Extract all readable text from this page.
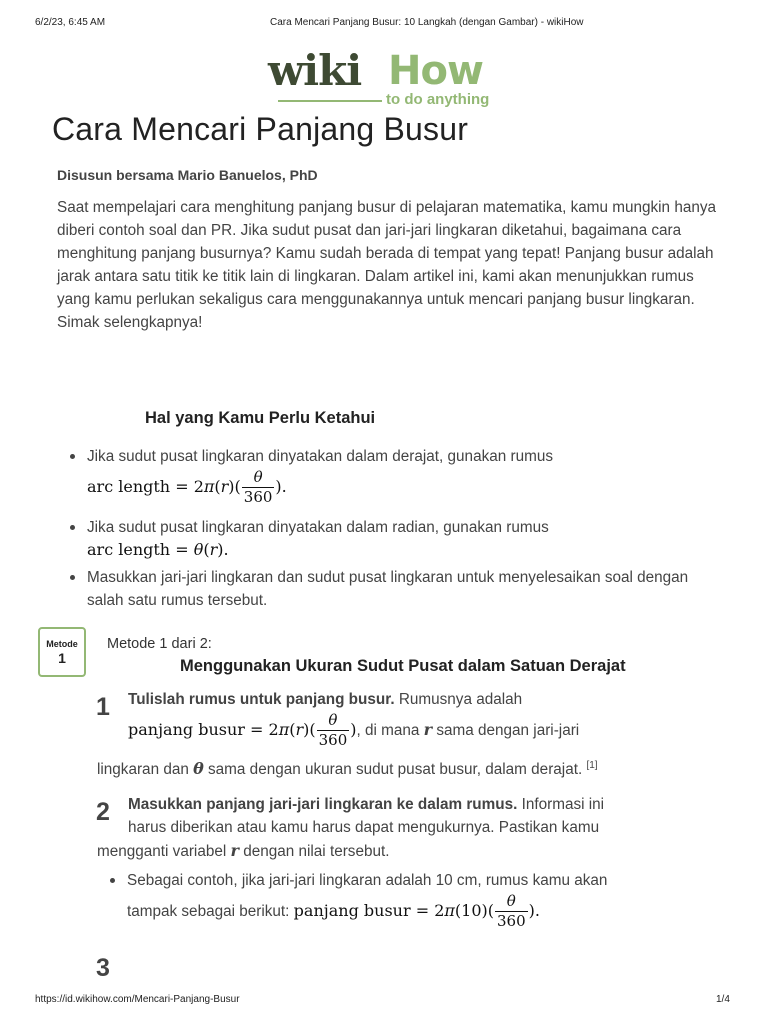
6/2/23, 6:45 AM	Cara Mencari Panjang Busur: 10 Langkah (dengan Gambar) - wikiHow
wiki How
to do anything
Cara Mencari Panjang Busur
Disusun bersama Mario Banuelos, PhD

Saat mempelajari cara menghitung panjang busur di pelajaran matematika, kamu mungkin hanya diberi contoh soal dan PR. Jika sudut pusat dan jari-jari lingkaran diketahui, bagaimana cara menghitung panjang busurnya? Kamu sudah berada di tempat yang tepat! Panjang busur adalah jarak antara satu titik ke titik lain di lingkaran. Dalam artikel ini, kami akan menunjukkan rumus yang kamu perlukan sekaligus cara menggunakannya untuk mencari panjang busur lingkaran. Simak selengkapnya!

Hal yang Kamu Perlu Ketahui
Jika sudut pusat lingkaran dinyatakan dalam derajat, gunakan rumus
arc length = $2\pi(r)( \frac{\theta}{360}$ ).
Jika sudut pusat lingkaran dinyatakan dalam radian, gunakan rumus
arc length = θ(r).
Masukkan jari-jari lingkaran dan sudut pusat lingkaran untuk menyelesaikan soal dengan salah satu rumus tersebut.
Metode
1
Metode 1 dari 2:
Menggunakan Ukuran Sudut Pusat dalam Satuan Derajat
1 Tulislah rumus untuk panjang busur. Rumusnya adalah
panjang busur = $2\pi(r)( \frac{\theta}{360}$ ), di mana r sama dengan jari-jari
lingkaran dan θ sama dengan ukuran sudut pusat busur, dalam derajat. [1]
2 Masukkan panjang jari-jari lingkaran ke dalam rumus. Informasi ini
harus diberikan atau kamu harus dapat mengukurnya. Pastikan kamu
mengganti variabel r dengan nilai tersebut.
Sebagai contoh, jika jari-jari lingkaran adalah 10 cm, rumus kamu akan
tampak sebagai berikut: panjang busur = $2\pi(10)( \frac{\theta}{360}$ ).
3
https://id.wikihow.com/Mencari-Panjang-Busur	1/4
